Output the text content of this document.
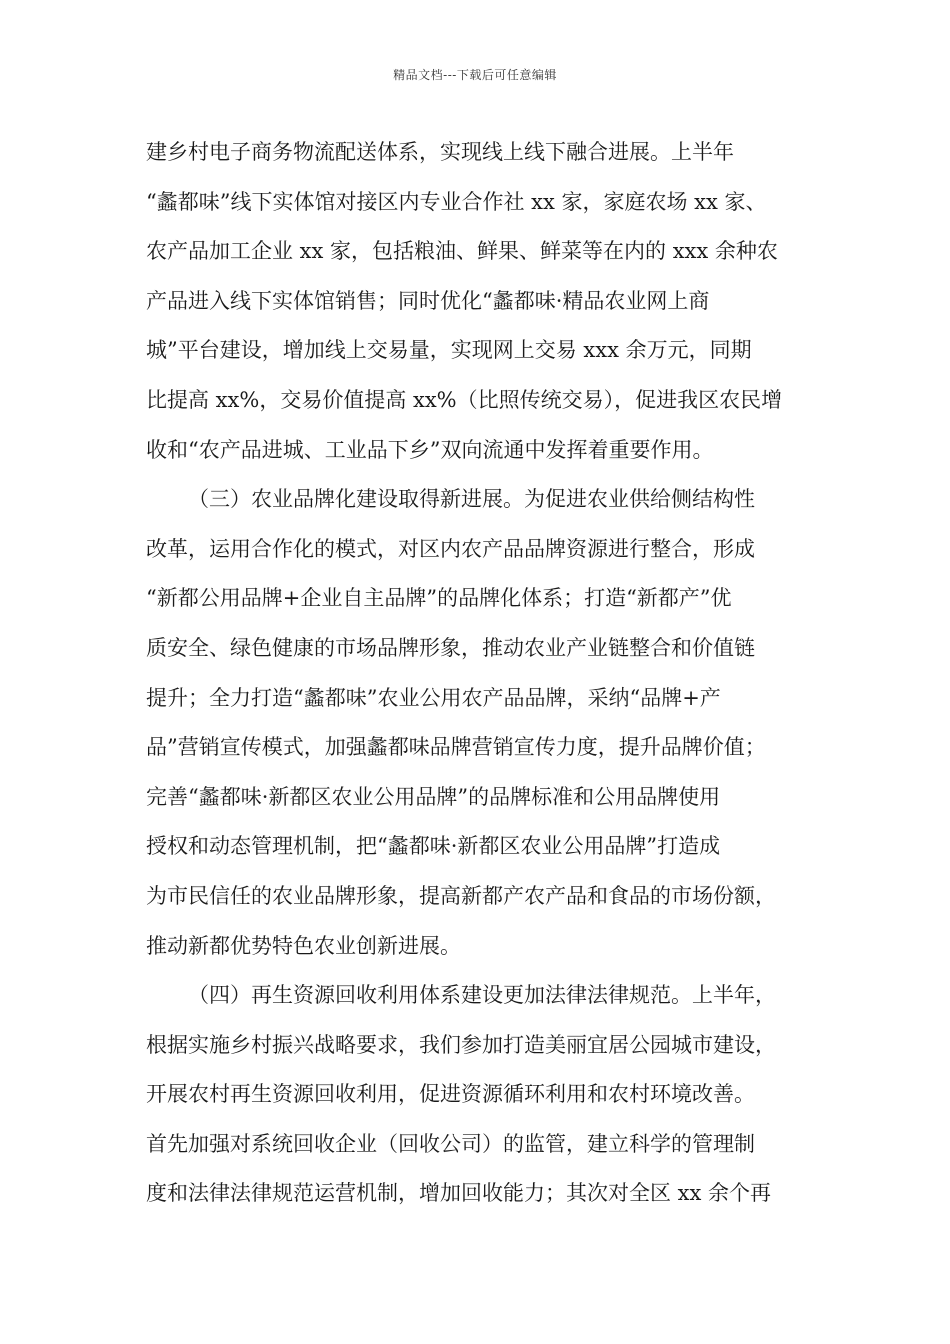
精品文档---下载后可任意编辑
建乡村电子商务物流配送体系，实现线上线下融合进展。上半年
“蠡都味”线下实体馆对接区内专业合作社 xx 家，家庭农场 xx 家、
农产品加工企业 xx 家，包括粮油、鲜果、鲜菜等在内的 xxx 余种农
产品进入线下实体馆销售；同时优化“蠡都味·精品农业网上商
城”平台建设，增加线上交易量，实现网上交易 xxx 余万元，同期
比提高 xx%，交易价值提高 xx%（比照传统交易），促进我区农民增
收和“农产品进城、工业品下乡”双向流通中发挥着重要作用。
（三）农业品牌化建设取得新进展。为促进农业供给侧结构性
改革，运用合作化的模式，对区内农产品品牌资源进行整合，形成
“新都公用品牌+企业自主品牌”的品牌化体系；打造“新都产”优
质安全、绿色健康的市场品牌形象，推动农业产业链整合和价值链
提升；全力打造“蠡都味”农业公用农产品品牌，采纳“品牌+产
品”营销宣传模式，加强蠡都味品牌营销宣传力度，提升品牌价值；
完善“蠡都味·新都区农业公用品牌”的品牌标准和公用品牌使用
授权和动态管理机制，把“蠡都味·新都区农业公用品牌”打造成
为市民信任的农业品牌形象，提高新都产农产品和食品的市场份额，
推动新都优势特色农业创新进展。
（四）再生资源回收利用体系建设更加法律法律规范。上半年，
根据实施乡村振兴战略要求，我们参加打造美丽宜居公园城市建设，
开展农村再生资源回收利用，促进资源循环利用和农村环境改善。
首先加强对系统回收企业（回收公司）的监管，建立科学的管理制
度和法律法律规范运营机制，增加回收能力；其次对全区 xx 余个再
